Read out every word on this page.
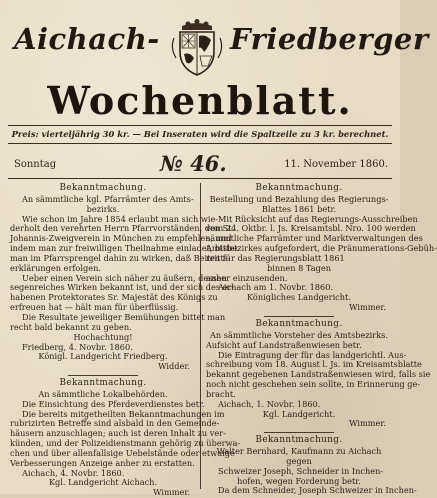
Aichach- Friedberger
Wochenblatt.
Preis: vierteljährig 30 kr. — Bei Inseraten wird die Spaltzeile zu 3 kr. berechnet.
Sonntag	№ 46.	11. November 1860.
Bekanntmachung.
An sämmtliche kgl. Pfarrämter des Amts-
bezirks.
Wie schon im Jahre 1854 erlaubt man sich wie-
derholt den verehrten Herrn Pfarrvorständen, den St.
Johannis-Zweigverein in München zu empfehlen, und
indem man zur freiwilligen Theilnahme einladet, bittet
man im Pfarrsprengel dahin zu wirken, daß Beitritts-
erklärungen erfolgen.
Ueber einen Verein sich näher zu äußern, dessen
segenreiches Wirken bekannt ist, und der sich des er-
habenen Protektorates Sr. Majestät des Königs zu
erfreuen hat — hält man für überflüssig.
Die Resultate jeweiliger Bemühungen bittet man
recht bald bekannt zu geben.
Hochachtung!
Friedberg, 4. Novbr. 1860.
Königl. Landgericht Friedberg.
Widder.
Bekanntmachung.
An sämmtliche Lokalbehörden.
Die Einsichtung des Pferdeverdienstes betr.
Die bereits mitgetheilten Bekanntmachungen im
rubrizirten Betreffe sind alsbald in den Gemeinde-
häusern anzuschlagen; auch ist deren Inhalt zu ver-
künden, und der Polizeidienstmann gehörig zu überwa-
chen und über allenfallsige Uebelstände oder etwaige
Verbesserungen Anzeige anher zu erstatten.
Aichach, 4. Novbr. 1860.
Kgl. Landgericht Aichach.
Wimmer.
Bekanntmachung.
Bestellung und Bezahlung des Regierungs-
Blattes 1861 betr.
Mit Rücksicht auf das Regierungs-Ausschreiben
vom 24. Oktbr. l. Js. Kreisamtsbl. Nro. 100 werden
sämmtliche Pfarrämter und Marktverwaltungen des
Amtsbezirkes aufgefordert, die Pränumerations-Gebüh-
ren für das Regierungsblatt 1861
binnen 8 Tagen
anher einzusenden.
Aichach am 1. Novbr. 1860.
Königliches Landgericht.
Wimmer.
Bekanntmachung.
An sämmtliche Vorsteher des Amtsbezirks.
Aufsicht auf Landstraßenwiesen betr.
Die Eintragung der für das landgerichtl. Aus-
schreibung vom 18. August l. Js. im Kreisamtsblatte
bekannt gegebenen Landstraßenwiesen wird, falls sie
noch nicht geschehen sein sollte, in Erinnerung ge-
bracht.
Aichach, 1. Novbr. 1860.
Kgl. Landgericht.
Wimmer.
Bekanntmachung.
Walter Bernhard, Kaufmann zu Aichach
gegen
Schweizer Joseph, Schneider in Inchen-
hofen, wegen Forderung betr.
Da dem Schneider, Joseph Schweizer in Inchen-
